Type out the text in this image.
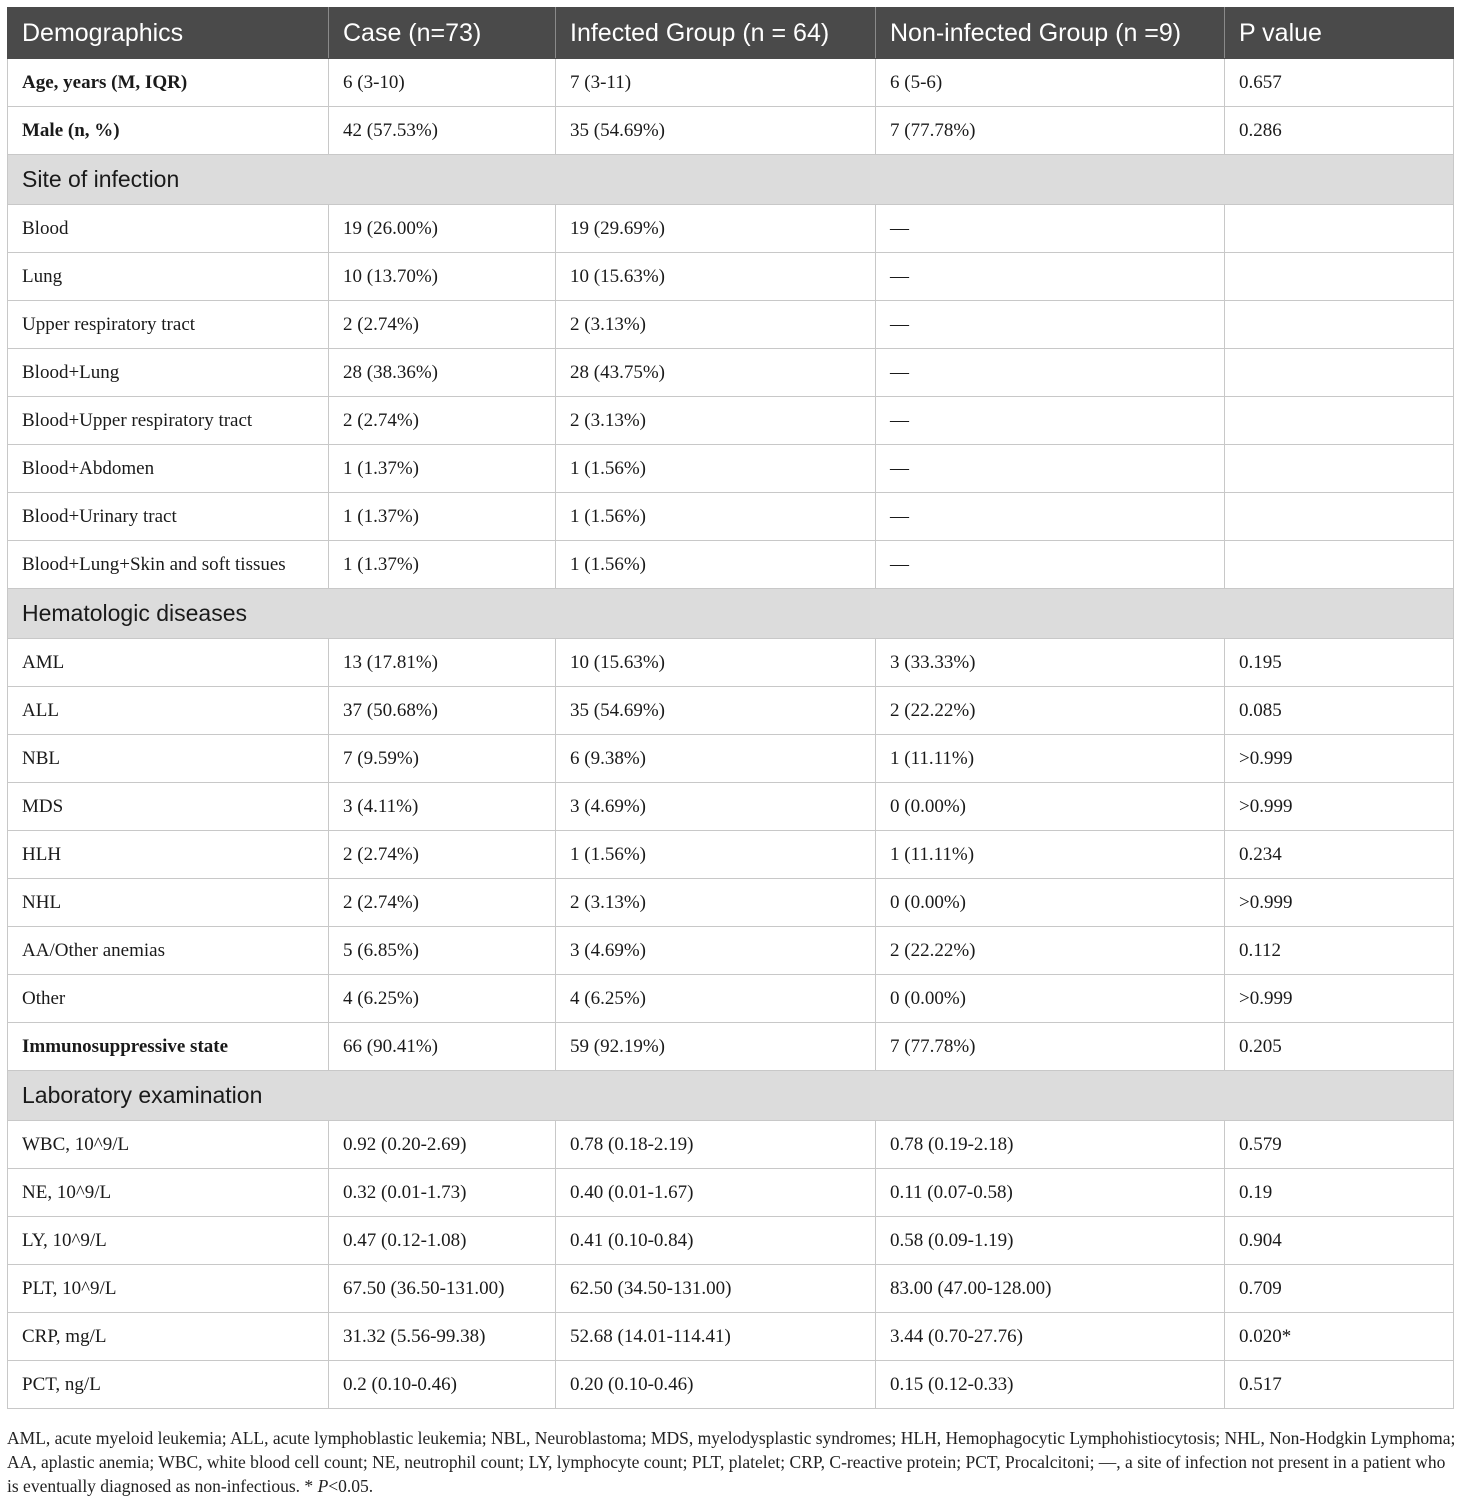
Demographics	Case (n=73)	Infected Group (n = 64)	Non-infected Group (n =9)	P value
Age, years (M, IQR)	6 (3-10)	7 (3-11)	6 (5-6)	0.657
Male (n, %)	42 (57.53%)	35 (54.69%)	7 (77.78%)	0.286
Site of infection				
Blood	19 (26.00%)	19 (29.69%)	—	
Lung	10 (13.70%)	10 (15.63%)	—	
Upper respiratory tract	2 (2.74%)	2 (3.13%)	—	
Blood+Lung	28 (38.36%)	28 (43.75%)	—	
Blood+Upper respiratory tract	2 (2.74%)	2 (3.13%)	—	
Blood+Abdomen	1 (1.37%)	1 (1.56%)	—	
Blood+Urinary tract	1 (1.37%)	1 (1.56%)	—	
Blood+Lung+Skin and soft tissues	1 (1.37%)	1 (1.56%)	—	
Hematologic diseases				
AML	13 (17.81%)	10 (15.63%)	3 (33.33%)	0.195
ALL	37 (50.68%)	35 (54.69%)	2 (22.22%)	0.085
NBL	7 (9.59%)	6 (9.38%)	1 (11.11%)	>0.999
MDS	3 (4.11%)	3 (4.69%)	0 (0.00%)	>0.999
HLH	2 (2.74%)	1 (1.56%)	1 (11.11%)	0.234
NHL	2 (2.74%)	2 (3.13%)	0 (0.00%)	>0.999
AA/Other anemias	5 (6.85%)	3 (4.69%)	2 (22.22%)	0.112
Other	4 (6.25%)	4 (6.25%)	0 (0.00%)	>0.999
Immunosuppressive state	66 (90.41%)	59 (92.19%)	7 (77.78%)	0.205
Laboratory examination				
WBC, 10^9/L	0.92 (0.20-2.69)	0.78 (0.18-2.19)	0.78 (0.19-2.18)	0.579
NE, 10^9/L	0.32 (0.01-1.73)	0.40 (0.01-1.67)	0.11 (0.07-0.58)	0.19
LY, 10^9/L	0.47 (0.12-1.08)	0.41 (0.10-0.84)	0.58 (0.09-1.19)	0.904
PLT, 10^9/L	67.50 (36.50-131.00)	62.50 (34.50-131.00)	83.00 (47.00-128.00)	0.709
CRP, mg/L	31.32 (5.56-99.38)	52.68 (14.01-114.41)	3.44 (0.70-27.76)	0.020*
PCT, ng/L	0.2 (0.10-0.46)	0.20 (0.10-0.46)	0.15 (0.12-0.33)	0.517
AML, acute myeloid leukemia; ALL, acute lymphoblastic leukemia; NBL, Neuroblastoma; MDS, myelodysplastic syndromes; HLH, Hemophagocytic Lymphohistiocytosis; NHL, Non-Hodgkin Lymphoma; AA, aplastic anemia; WBC, white blood cell count; NE, neutrophil count; LY, lymphocyte count; PLT, platelet; CRP, C-reactive protein; PCT, Procalcitoni; —, a site of infection not present in a patient who is eventually diagnosed as non-infectious. * P<0.05.
